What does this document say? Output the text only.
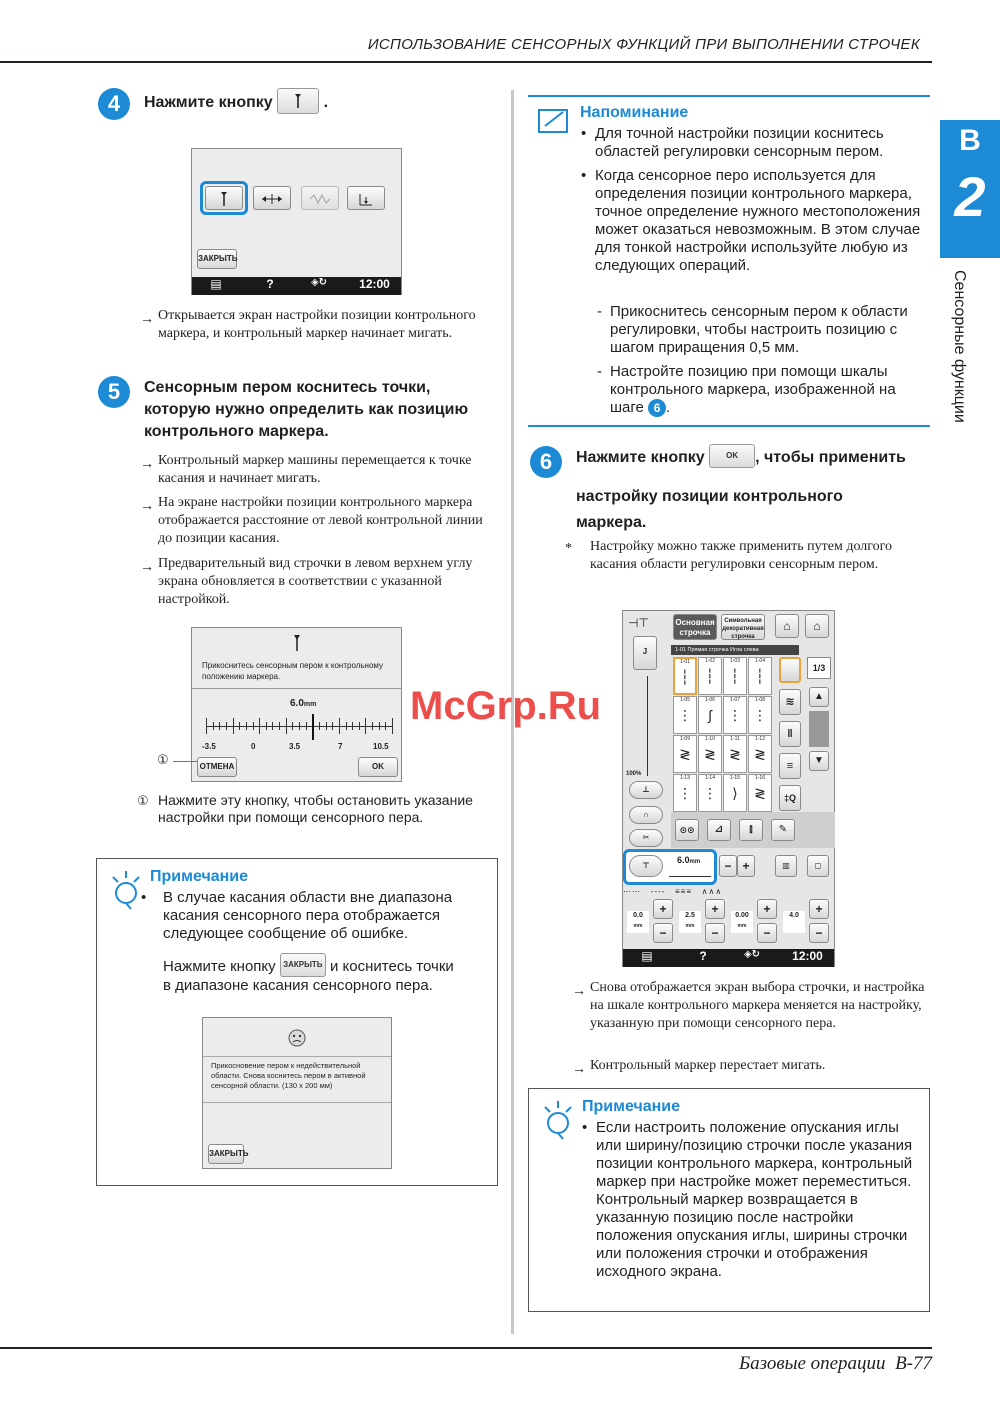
ИСПОЛЬЗОВАНИЕ СЕНСОРНЫХ ФУНКЦИЙ ПРИ ВЫПОЛНЕНИИ СТРОЧЕК
B
2
Сенсорные функции
4	Нажмите кнопку	.
ЗАКРЫТЬ
▤	?	◈↻	12:00
→ Открывается экран настройки позиции контрольного маркера, и контрольный маркер начинает мигать.
5	Сенсорным пером коснитесь точки, которую нужно определить как позицию контрольного маркера.
→ Контрольный маркер машины перемещается к точке касания и начинает мигать.
→ На экране настройки позиции контрольного маркера отображается расстояние от левой контрольной линии до позиции касания.
→ Предварительный вид строчки в левом верхнем углу экрана обновляется в соответствии с указанной настройкой.
Прикоснитесь сенсорным пером к контрольному положению маркера.
6.0mm
-3.5	0	3.5	7	10.5
ОТМЕНА	OK
①
① Нажмите эту кнопку, чтобы остановить указание настройки при помощи сенсорного пера.
Примечание
• В случае касания области вне диапазона касания сенсорного пера отображается следующее сообщение об ошибке.
Нажмите кнопку ЗАКРЫТЬ и коснитесь точки
в диапазоне касания сенсорного пера.
Прикосновение пером к недействительной области. Снова коснитесь пером в активной сенсорной области. (130 x 200 мм)
ЗАКРЫТЬ
Напоминание
• Для точной настройки позиции коснитесь областей регулировки сенсорным пером.
• Когда сенсорное перо используется для определения позиции контрольного маркера, точное определение нужного местоположения может оказаться невозможным. В этом случае для тонкой настройки используйте любую из следующих операций.
- Прикоснитесь сенсорным пером к области регулировки, чтобы настроить позицию с шагом приращения 0,5 мм.
- Настройте позицию при помощи шкалы контрольного маркера, изображенной на шаге 6 .
6	Нажмите кнопку	OK , чтобы применить
настройку позиции контрольного маркера.
* Настройку можно также применить путем долгого касания области регулировки сенсорным пером.
Основная строчка
Символьная декоративная строчка
⌂	⌂
⊣⊤
J
100%
⊥
∩
✂
1-01 Прямая строчка Игла слева
1-01
┆
1-02
┆
1-03
┆
1-04
┆
1-05
⋮
1-06
ʃ
1-07
⋮
1-08
⋮
1-09
≷
1-10
≷
1-11
≷
1-12
≷
1-13
⋮
1-14
⋮
1-15
⟩
1-16
≷
≋
‖
≡
‡Q
1/3
▲
▼
⊙⊙	⊿	⫾	✎
⊤
6.0mm	− +	▥	◻
⋯⋯   ----   ≡≡≡   ∧∧∧
0.0
mm
+
−
2.5
mm
+
−
0.00
mm
+
−
4.0	+
−
▤	?	◈↻	12:00
→ Снова отображается экран выбора строчки, и настройка на шкале контрольного маркера меняется на настройку, указанную при помощи сенсорного пера.
→ Контрольный маркер перестает мигать.
Примечание
• Если настроить положение опускания иглы или ширину/позицию строчки после указания позиции контрольного маркера, контрольный маркер при настройке может переместиться. Контрольный маркер возвращается в указанную позицию после настройки положения опускания иглы, ширины строчки или положения строчки и отображения исходного экрана.
McGrp.Ru
Базовые операции B-77
